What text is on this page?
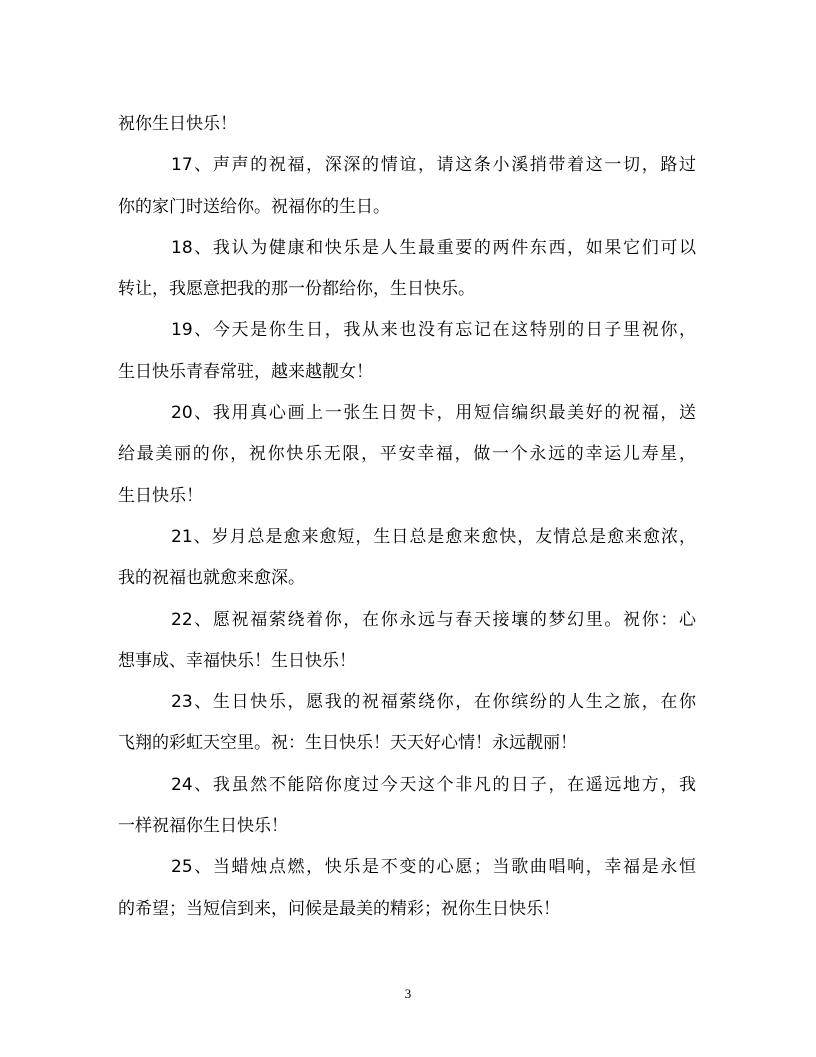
祝你生日快乐！
17、声声的祝福，深深的情谊，请这条小溪捎带着这一切，路过
你的家门时送给你。祝福你的生日。
18、我认为健康和快乐是人生最重要的两件东西，如果它们可以
转让，我愿意把我的那一份都给你，生日快乐。
19、今天是你生日，我从来也没有忘记在这特别的日子里祝你，
生日快乐青春常驻，越来越靓女！
20、我用真心画上一张生日贺卡，用短信编织最美好的祝福，送
给最美丽的你，祝你快乐无限，平安幸福，做一个永远的幸运儿寿星，
生日快乐！
21、岁月总是愈来愈短，生日总是愈来愈快，友情总是愈来愈浓，
我的祝福也就愈来愈深。
22、愿祝福萦绕着你，在你永远与春天接壤的梦幻里。祝你：心
想事成、幸福快乐！生日快乐！
23、生日快乐，愿我的祝福萦绕你，在你缤纷的人生之旅，在你
飞翔的彩虹天空里。祝：生日快乐！天天好心情！永远靓丽！
24、我虽然不能陪你度过今天这个非凡的日子，在遥远地方，我
一样祝福你生日快乐！
25、当蜡烛点燃，快乐是不变的心愿；当歌曲唱响，幸福是永恒
的希望；当短信到来，问候是最美的精彩；祝你生日快乐！
3
